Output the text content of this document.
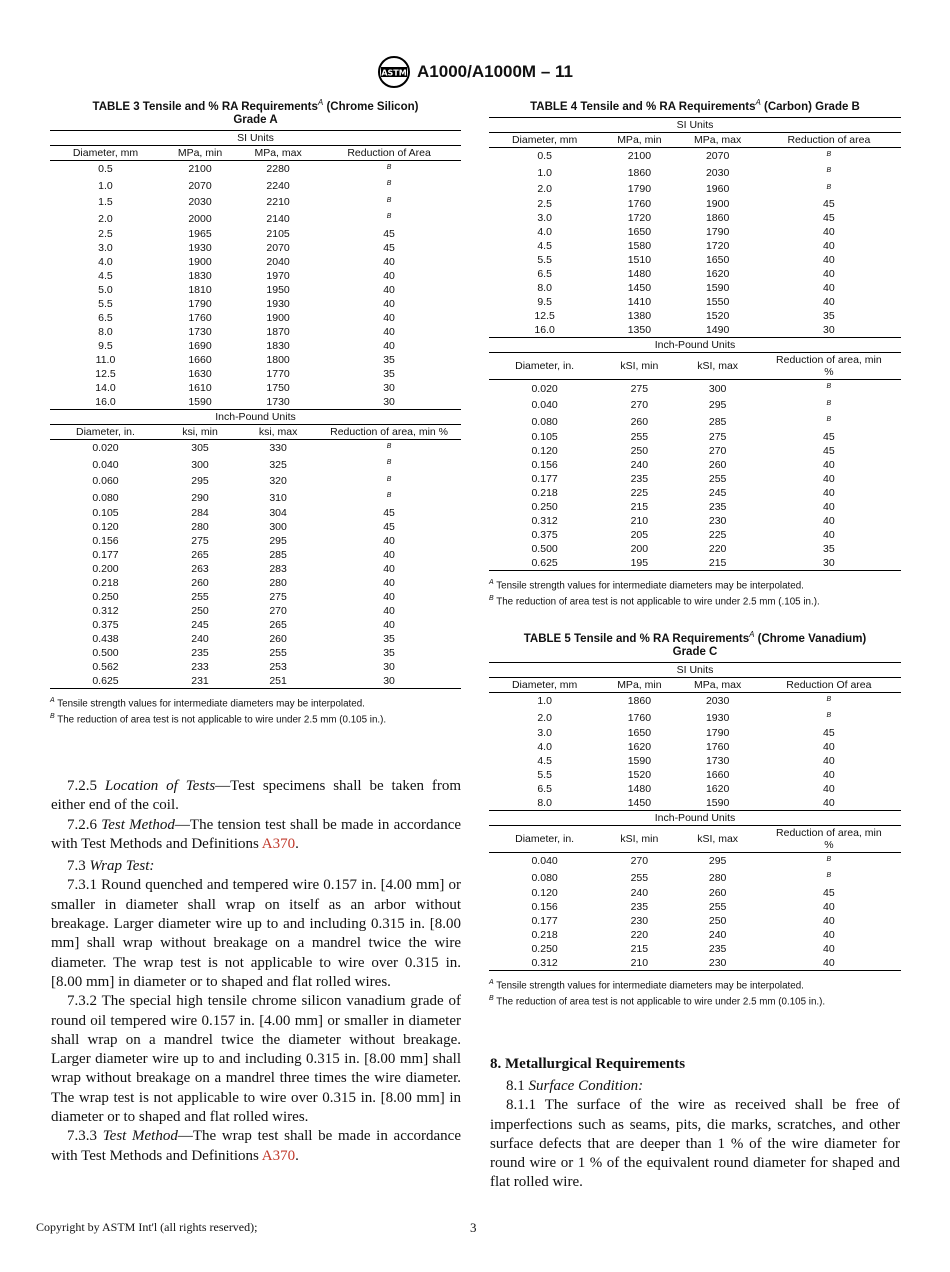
ASTM A1000/A1000M – 11
TABLE 3 Tensile and % RA Requirements$^A$ (Chrome Silicon)
Grade A
SI Units			
Diameter, mm	MPa, min	MPa, max	Reduction of Area
0.5	2100	2280	$^B$
1.0	2070	2240	$^B$
1.5	2030	2210	$^B$
2.0	2000	2140	$^B$
2.5	1965	2105	45
3.0	1930	2070	45
4.0	1900	2040	40
4.5	1830	1970	40
5.0	1810	1950	40
5.5	1790	1930	40
6.5	1760	1900	40
8.0	1730	1870	40
9.5	1690	1830	40
11.0	1660	1800	35
12.5	1630	1770	35
14.0	1610	1750	30
16.0	1590	1730	30
Inch-Pound Units			
Diameter, in.	ksi, min	ksi, max	Reduction of area, min %
0.020	305	330	$^B$
0.040	300	325	$^B$
0.060	295	320	$^B$
0.080	290	310	$^B$
0.105	284	304	45
0.120	280	300	45
0.156	275	295	40
0.177	265	285	40
0.200	263	283	40
0.218	260	280	40
0.250	255	275	40
0.312	250	270	40
0.375	245	265	40
0.438	240	260	35
0.500	235	255	35
0.562	233	253	30
0.625	231	251	30
$^A$ Tensile strength values for intermediate diameters may be interpolated.
$^B$ The reduction of area test is not applicable to wire under 2.5 mm (0.105 in.).
TABLE 4 Tensile and % RA Requirements$^A$ (Carbon) Grade B
SI Units			
Diameter, mm	MPa, min	MPa, max	Reduction of area
0.5	2100	2070	$^B$
1.0	1860	2030	$^B$
2.0	1790	1960	$^B$
2.5	1760	1900	45
3.0	1720	1860	45
4.0	1650	1790	40
4.5	1580	1720	40
5.5	1510	1650	40
6.5	1480	1620	40
8.0	1450	1590	40
9.5	1410	1550	40
12.5	1380	1520	35
16.0	1350	1490	30
Inch-Pound Units			
Diameter, in.	kSI, min	kSI, max	Reduction of area, min %
0.020	275	300	$^B$
0.040	270	295	$^B$
0.080	260	285	$^B$
0.105	255	275	45
0.120	250	270	45
0.156	240	260	40
0.177	235	255	40
0.218	225	245	40
0.250	215	235	40
0.312	210	230	40
0.375	205	225	40
0.500	200	220	35
0.625	195	215	30
$^A$ Tensile strength values for intermediate diameters may be interpolated.
$^B$ The reduction of area test is not applicable to wire under 2.5 mm (.105 in.).
TABLE 5 Tensile and % RA Requirements$^A$ (Chrome Vanadium)
Grade C
SI Units			
Diameter, mm	MPa, min	MPa, max	Reduction Of area
1.0	1860	2030	$^B$
2.0	1760	1930	$^B$
3.0	1650	1790	45
4.0	1620	1760	40
4.5	1590	1730	40
5.5	1520	1660	40
6.5	1480	1620	40
8.0	1450	1590	40
Inch-Pound Units			
Diameter, in.	kSI, min	kSI, max	Reduction of area, min %
0.040	270	295	$^B$
0.080	255	280	$^B$
0.120	240	260	45
0.156	235	255	40
0.177	230	250	40
0.218	220	240	40
0.250	215	235	40
0.312	210	230	40
$^A$ Tensile strength values for intermediate diameters may be interpolated.
$^B$ The reduction of area test is not applicable to wire under 2.5 mm (0.105 in.).

7.2.5 Location of Tests—Test specimens shall be taken from either end of the coil.

7.2.6 Test Method—The tension test shall be made in accordance with Test Methods and Definitions A370.

7.3 Wrap Test:

7.3.1 Round quenched and tempered wire 0.157 in. [4.00 mm] or smaller in diameter shall wrap on itself as an arbor without breakage. Larger diameter wire up to and including 0.315 in. [8.00 mm] shall wrap without breakage on a mandrel twice the wire diameter. The wrap test is not applicable to wire over 0.315 in. [8.00 mm] in diameter or to shaped and flat rolled wires.

7.3.2 The special high tensile chrome silicon vanadium grade of round oil tempered wire 0.157 in. [4.00 mm] or smaller in diameter shall wrap on a mandrel twice the diameter without breakage. Larger diameter wire up to and including 0.315 in. [8.00 mm] shall wrap without breakage on a mandrel three times the wire diameter. The wrap test is not applicable to wire over 0.315 in. [8.00 mm] in diameter or to shaped and flat rolled wires.

7.3.3 Test Method—The wrap test shall be made in accordance with Test Methods and Definitions A370.

8. Metallurgical Requirements

8.1 Surface Condition:

8.1.1 The surface of the wire as received shall be free of imperfections such as seams, pits, die marks, scratches, and other surface defects that are deeper than 1 % of the wire diameter for round wire or 1 % of the equivalent round diameter for shaped and flat rolled wire.

Copyright by ASTM Int'l (all rights reserved);	3
